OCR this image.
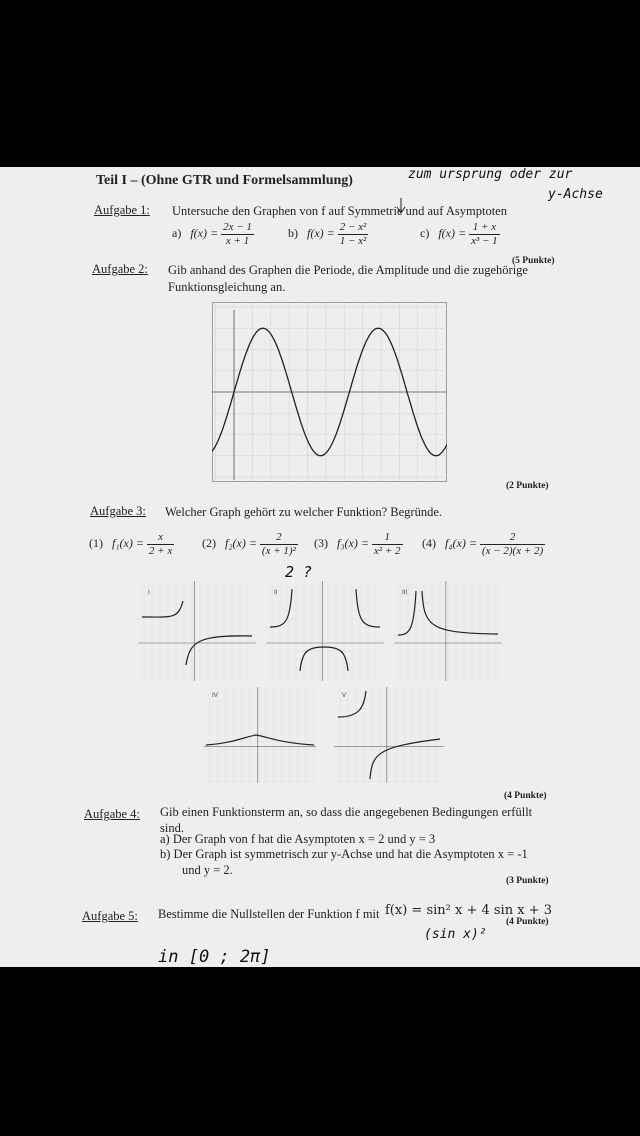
Teil I – (Ohne GTR und Formelsammlung)	zum ursprung oder zur
y-Achse
Aufgabe 1: Untersuche den Graphen von f auf Symmetrie und auf Asymptoten
a) $f(x) = \frac{2x - 1}{x + 1}$	b) $f(x) = \frac{\text{2 − x²}}{\text{1 − x²}}$	c) $f(x) = \frac{1 + x}{\text{x³ − 1}}$
(5 Punkte)
Aufgabe 2: Gib anhand des Graphen die Periode, die Amplitude und die zugehörige
Funktionsgleichung an.
(2 Punkte)
Aufgabe 3: Welcher Graph gehört zu welcher Funktion? Begründe.
(1) $f_1(x) = \frac{x}{2 + x} (2) f_2(x) = \frac{2}{\text{(x + 1)²}} (3) f_3(x) = \frac{1}{\text{x² + 2}} (4) f_4(x) = \frac{2}{(x - 2)(x + 2)}$
2 ?
I	II	III
IV	V
(4 Punkte)
Aufgabe 4: Gib einen Funktionsterm an, so dass die angegebenen Bedingungen erfüllt
sind.
a) Der Graph von f hat die Asymptoten x = 2 und y = 3
b) Der Graph ist symmetrisch zur y-Achse und hat die Asymptoten x = -1
und y = 2.
(3 Punkte)
Aufgabe 5: Bestimme die Nullstellen der Funktion f mit f(x) = sin² x + 4 sin x + 3
(4 Punkte)
(sin x)²
in [0 ; 2π]
